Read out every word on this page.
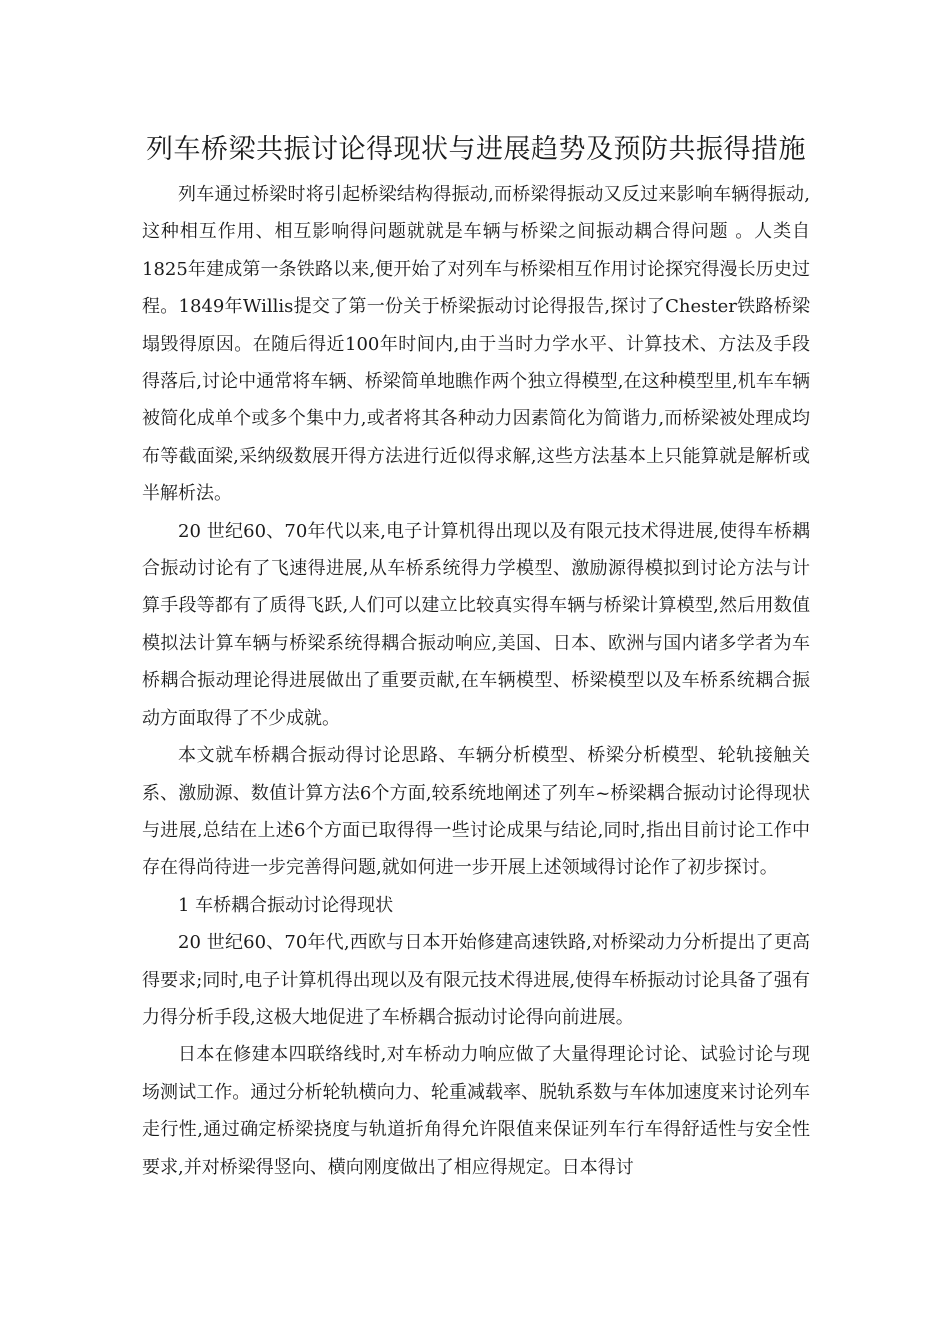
列车桥梁共振讨论得现状与进展趋势及预防共振得措施

列车通过桥梁时将引起桥梁结构得振动,而桥梁得振动又反过来影响车辆得振动,这种相互作用、相互影响得问题就就是车辆与桥梁之间振动耦合得问题 。人类自1825年建成第一条铁路以来,便开始了对列车与桥梁相互作用讨论探究得漫长历史过程。1849年Willis提交了第一份关于桥梁振动讨论得报告,探讨了Chester铁路桥梁塌毁得原因。在随后得近100年时间内,由于当时力学水平、计算技术、方法及手段得落后,讨论中通常将车辆、桥梁简单地瞧作两个独立得模型,在这种模型里,机车车辆被简化成单个或多个集中力,或者将其各种动力因素简化为简谐力,而桥梁被处理成均布等截面梁,采纳级数展开得方法进行近似得求解,这些方法基本上只能算就是解析或半解析法。

20 世纪60、70年代以来,电子计算机得出现以及有限元技术得进展,使得车桥耦合振动讨论有了飞速得进展,从车桥系统得力学模型、激励源得模拟到讨论方法与计算手段等都有了质得飞跃,人们可以建立比较真实得车辆与桥梁计算模型,然后用数值模拟法计算车辆与桥梁系统得耦合振动响应,美国、日本、欧洲与国内诸多学者为车桥耦合振动理论得进展做出了重要贡献,在车辆模型、桥梁模型以及车桥系统耦合振动方面取得了不少成就。

本文就车桥耦合振动得讨论思路、车辆分析模型、桥梁分析模型、轮轨接触关系、激励源、数值计算方法6个方面,较系统地阐述了列车~桥梁耦合振动讨论得现状与进展,总结在上述6个方面已取得得一些讨论成果与结论,同时,指出目前讨论工作中存在得尚待进一步完善得问题,就如何进一步开展上述领域得讨论作了初步探讨。

1 车桥耦合振动讨论得现状

20 世纪60、70年代,西欧与日本开始修建高速铁路,对桥梁动力分析提出了更高得要求;同时,电子计算机得出现以及有限元技术得进展,使得车桥振动讨论具备了强有力得分析手段,这极大地促进了车桥耦合振动讨论得向前进展。

日本在修建本四联络线时,对车桥动力响应做了大量得理论讨论、试验讨论与现场测试工作。通过分析轮轨横向力、轮重减载率、脱轨系数与车体加速度来讨论列车走行性,通过确定桥梁挠度与轨道折角得允许限值来保证列车行车得舒适性与安全性要求,并对桥梁得竖向、横向刚度做出了相应得规定。日本得讨
